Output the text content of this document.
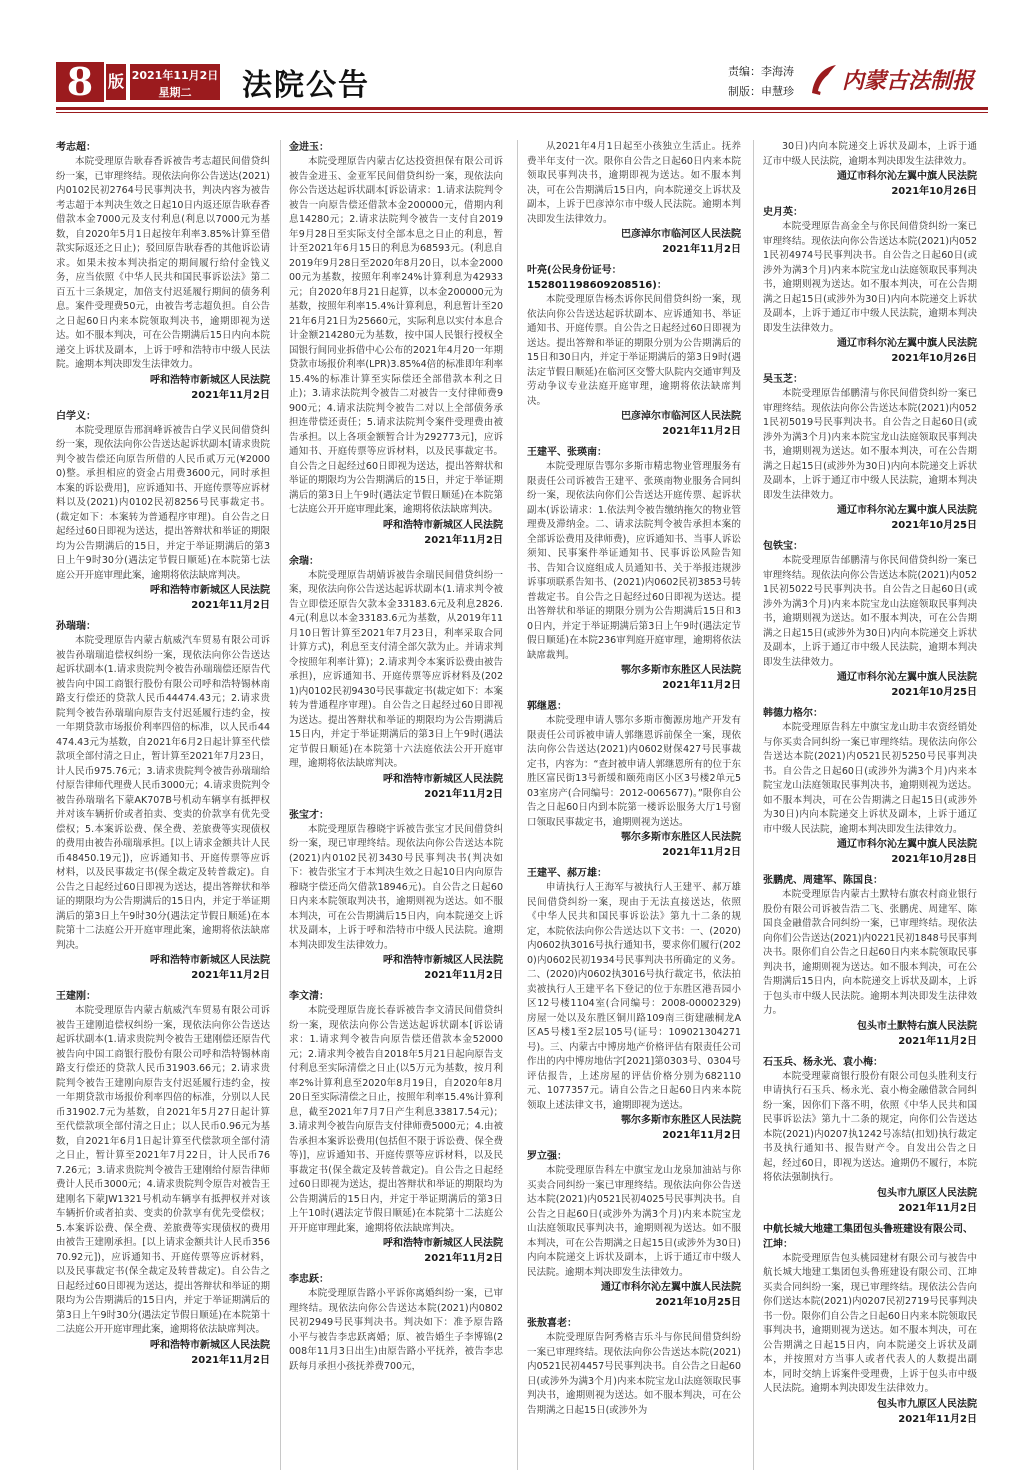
8 版 2021年11月2日
星期二	法院公告	责编：李海涛
制版：申慧珍 内蒙古法制报

考志超：

本院受理原告耿春香诉被告考志超民间借贷纠纷一案，已审理终结。现依法向你公告送达(2021)内0102民初2764号民事判决书，判决内容为被告考志超于本判决生效之日起10日内返还原告耿春香借款本金7000元及支付利息(利息以7000元为基数，自2020年5月1日起按年利率3.85%计算至借款实际返还之日止)；驳回原告耿春香的其他诉讼请求。如果未按本判决指定的期间履行给付金钱义务，应当依照《中华人民共和国民事诉讼法》第二百五十三条规定，加倍支付迟延履行期间的债务利息。案件受理费50元，由被告考志超负担。自公告之日起60日内来本院领取判决书，逾期即视为送达。如不服本判决，可在公告期满后15日内向本院递交上诉状及副本，上诉于呼和浩特市中级人民法院。逾期本判决即发生法律效力。

呼和浩特市新城区人民法院

2021年11月2日

白学义：

本院受理原告邢润峰诉被告白学义民间借贷纠纷一案，现依法向你公告送达起诉状副本[请求贵院判令被告偿还向原告所借的人民币贰万元(¥20000)整。承担相应的资金占用费3600元，同时承担本案的诉讼费用]，应诉通知书、开庭传票等应诉材料以及(2021)内0102民初8256号民事裁定书。(裁定如下：本案转为普通程序审理)。自公告之日起经过60日即视为送达，提出答辩状和举证的期限均为公告期满后的15日，并定于举证期满后的第3日上午9时30分(遇法定节假日顺延)在本院第七法庭公开开庭审理此案，逾期将依法缺席判决。

呼和浩特市新城区人民法院

2021年11月2日

孙瑞瑞：

本院受理原告内蒙古航威汽车贸易有限公司诉被告孙瑞瑞追偿权纠纷一案，现依法向你公告送达起诉状副本(1.请求贵院判令被告孙瑞瑞偿还原告代被告向中国工商银行股份有限公司呼和浩特锡林南路支行偿还的贷款人民币44474.43元；2.请求贵院判令被告孙瑞瑞向原告支付迟延履行违约金，按一年期贷款市场报价利率四倍的标准，以人民币44474.43元为基数，自2021年6月2日起计算至代偿款项全部付清之日止，暂计算至2021年7月23日，计人民币975.76元；3.请求贵院判令被告孙瑞瑞给付原告律师代理费人民币3000元；4.请求贵院判令被告孙瑞瑞名下蒙AK707B号机动车辆享有抵押权并对该车辆折价或者拍卖、变卖的价款享有优先受偿权；5.本案诉讼费、保全费、差旅费等实现债权的费用由被告孙瑞瑞承担。[以上请求金额共计人民币48450.19元])，应诉通知书、开庭传票等应诉材料，以及民事裁定书(保全裁定及转普裁定)。自公告之日起经过60日即视为送达，提出答辩状和举证的期限均为公告期满后的15日内，并定于举证期满后的第3日上午9时30分(遇法定节假日顺延)在本院第十二法庭公开开庭审理此案，逾期将依法缺席判决。

呼和浩特市新城区人民法院

2021年11月2日

王建刚：

本院受理原告内蒙古航威汽车贸易有限公司诉被告王建刚追偿权纠纷一案，现依法向你公告送达起诉状副本(1.请求贵院判令被告王建刚偿还原告代被告向中国工商银行股份有限公司呼和浩特锡林南路支行偿还的贷款人民币31903.66元；2.请求贵院判令被告王建刚向原告支付迟延履行违约金，按一年期贷款市场报价利率四倍的标准，分别以人民币31902.7元为基数，自2021年5月27日起计算至代偿款项全部付清之日止；以人民币0.96元为基数，自2021年6月1日起计算至代偿款项全部付清之日止，暂计算至2021年7月22日，计人民币767.26元；3.请求贵院判令被告王建刚给付原告律师费计人民币3000元；4.请求贵院判令原告对被告王建刚名下蒙JW1321号机动车辆享有抵押权并对该车辆折价或者拍卖、变卖的价款享有优先受偿权；5.本案诉讼费、保全费、差旅费等实现债权的费用由被告王建刚承担。[以上请求金额共计人民币35670.92元])，应诉通知书、开庭传票等应诉材料，以及民事裁定书(保全裁定及转普裁定)。自公告之日起经过60日即视为送达，提出答辩状和举证的期限均为公告期满后的15日内，并定于举证期满后的第3日上午9时30分(遇法定节假日顺延)在本院第十二法庭公开开庭审理此案，逾期将依法缺席判决。

呼和浩特市新城区人民法院

2021年11月2日

金进玉：

本院受理原告内蒙古亿达投资担保有限公司诉被告金进玉、金亚军民间借贷纠纷一案，现依法向你公告送达起诉状副本[诉讼请求：1.请求法院判令被告一向原告偿还借款本金200000元，借期内利息14280元；2.请求法院判令被告一支付自2019年9月28日至实际支付全部本息之日止的利息，暂计至2021年6月15日的利息为68593元。(利息自2019年9月28日至2020年8月20日，以本金200000元为基数，按照年利率24%计算利息为42933元；自2020年8月21日起算，以本金200000元为基数，按照年利率15.4%计算利息，利息暂计至2021年6月21日为25660元，实际利息以实付本息合计金额214280元为基数，按中国人民银行授权全国银行间同业拆借中心公布的2021年4月20一年期贷款市场报价利率(LPR)3.85%4倍的标准即年利率15.4%的标准计算至实际偿还全部借款本利之日止)；3.请求法院判令被告二对被告一支付律师费9900元；4.请求法院判令被告二对以上全部债务承担连带偿还责任；5.请求法院判令案件受理费由被告承担。以上各项金额暂合计为292773元]，应诉通知书、开庭传票等应诉材料，以及民事裁定书。自公告之日起经过60日即视为送达，提出答辩状和举证的期限均为公告期满后的15日，并定于举证期满后的第3日上午9时(遇法定节假日顺延)在本院第七法庭公开开庭审理此案，逾期将依法缺席判决。

呼和浩特市新城区人民法院

2021年11月2日

余瑞：

本院受理原告胡婧诉被告余瑞民间借贷纠纷一案，现依法向你公告送达起诉状副本(1.请求判令被告立即偿还原告欠款本金33183.6元及利息2826.4元(利息以本金33183.6元为基数，从2019年11月10日暂计算至2021年7月23日，利率采取合同计算方式)，利息至支付清全部欠款为止。并请求判令按照年利率计算)；2.请求判令本案诉讼费由被告承担)，应诉通知书、开庭传票等应诉材料及(2021)内0102民初9430号民事裁定书(裁定如下：本案转为普通程序审理)。自公告之日起经过60日即视为送达。提出答辩状和举证的期限均为公告期满后15日内，并定于举证期满后的第3日上午9时(遇法定节假日顺延)在本院第十六法庭依法公开开庭审理，逾期将依法缺席判决。

呼和浩特市新城区人民法院

2021年11月2日

张宝才：

本院受理原告穆晓宇诉被告张宝才民间借贷纠纷一案，现已审理终结。现依法向你公告送达本院(2021)内0102民初3430号民事判决书(判决如下：被告张宝才于本判决生效之日起10日内向原告穆晓宇偿还尚欠借款18946元)。自公告之日起60日内来本院领取判决书，逾期则视为送达。如不服本判决，可在公告期满后15日内，向本院递交上诉状及副本，上诉于呼和浩特市中级人民法院。逾期本判决即发生法律效力。

呼和浩特市新城区人民法院

2021年11月2日

李文清：

本院受理原告庞长春诉被告李文清民间借贷纠纷一案，现依法向你公告送达起诉状副本[诉讼请求：1.请求判令被告向原告偿还借款本金52000元；2.请求判令被告自2018年5月21日起向原告支付利息至实际清偿之日止(以5万元为基数，按月利率2%计算利息至2020年8月19日，自2020年8月20日至实际清偿之日止，按照年利率15.4%计算利息，截至2021年7月7日产生利息33817.54元)；3.请求判令被告向原告支付律师费5000元；4.由被告承担本案诉讼费用(包括但不限于诉讼费、保全费等)]，应诉通知书、开庭传票等应诉材料，以及民事裁定书(保全裁定及转普裁定)。自公告之日起经过60日即视为送达，提出答辩状和举证的期限均为公告期满后的15日内，并定于举证期满后的第3日上午10时(遇法定节假日顺延)在本院第十二法庭公开开庭审理此案，逾期将依法缺席判决。

呼和浩特市新城区人民法院

2021年11月2日

李忠跃：

本院受理原告路小平诉你离婚纠纷一案，已审理终结。现依法向你公告送达本院(2021)内0802民初2949号民事判决书。判决如下：准予原告路小平与被告李忠跃离婚；原、被告婚生子李博锦(2008年11月3日出生)由原告路小平抚养，被告李忠跃每月承担小孩抚养费700元，

从2021年4月1日起至小孩独立生活止。抚养费半年支付一次。限你自公告之日起60日内来本院领取民事判决书，逾期即视为送达。如不服本判决，可在公告期满后15日内，向本院递交上诉状及副本，上诉于巴彦淖尔市中级人民法院。逾期本判决即发生法律效力。

巴彦淖尔市临河区人民法院

2021年11月2日

叶亮(公民身份证号：152801198609208516)：

本院受理原告杨杰诉你民间借贷纠纷一案，现依法向你公告送达起诉状副本、应诉通知书、举证通知书、开庭传票。自公告之日起经过60日即视为送达。提出答辩和举证的期限分别为公告期满后的15日和30日内，并定于举证期满后的第3日9时(遇法定节假日顺延)在临河区交警大队院内交通审判及劳动争议专业法庭开庭审理，逾期将依法缺席判决。

巴彦淖尔市临河区人民法院

2021年11月2日

王建平、张瑛南：

本院受理原告鄂尔多斯市精忠物业管理服务有限责任公司诉被告王建平、张瑛南物业服务合同纠纷一案，现依法向你们公告送达开庭传票、起诉状副本(诉讼请求：1.依法判令被告缴纳拖欠的物业管理费及滞纳金。二、请求法院判令被告承担本案的全部诉讼费用及律师费)，应诉通知书、当事人诉讼须知、民事案件举证通知书、民事诉讼风险告知书、告知合议庭组成人员通知书、关于举报违规涉诉事项联系告知书、(2021)内0602民初3853号转普裁定书。自公告之日起经过60日即视为送达。提出答辩状和举证的期限分别为公告期满后15日和30日内，并定于举证期满后第3日上午9时(遇法定节假日顺延)在本院236审判庭开庭审理，逾期将依法缺席裁判。

鄂尔多斯市东胜区人民法院

2021年11月2日

郭继恩：

本院受理申请人鄂尔多斯市衡源房地产开发有限责任公司诉被申请人郭继恩诉前保全一案，现依法向你公告送达(2021)内0602财保427号民事裁定书，内容为：“查封被申请人郭继恩所有的位于东胜区富民街13号新缓和颐苑南区小区3号楼2单元503室房产(合同编号：2012-0065677)。”限你自公告之日起60日内到本院第一楼诉讼服务大厅1号窗口领取民事裁定书，逾期则视为送达。

鄂尔多斯市东胜区人民法院

2021年11月2日

王建平、郝万雄：

申请执行人王海军与被执行人王建平、郝万雄民间借贷纠纷一案，现由于无法直接送达，依照《中华人民共和国民事诉讼法》第九十二条的规定，本院依法向你公告送达以下文书：一、(2020)内0602执3016号执行通知书，要求你们履行(2020)内0602民初1934号民事判决书所确定的义务。二、(2020)内0602执3016号执行裁定书，依法拍卖被执行人王建平名下登记的位于东胜区港吾园小区12号楼1104室(合同编号：2008-00002329)房屋一处以及东胜区铜川路109南三街建融桐龙A区A5号楼1至2层105号(证号：109021304271号)。三、内蒙古中博房地产价格评估有限责任公司作出的内中博房地估字[2021]第0303号、0304号评估报告，上述房屋的评估价格分别为682110元、1077357元。请自公告之日起60日内来本院领取上述法律文书，逾期即视为送达。

鄂尔多斯市东胜区人民法院

2021年11月2日

罗立强：

本院受理原告科左中旗宝龙山龙泉加油站与你买卖合同纠纷一案已审理终结。现依法向你公告送达本院(2021)内0521民初4025号民事判决书。自公告之日起60日(或涉外为满3个月)内来本院宝龙山法庭领取民事判决书，逾期则视为送达。如不服本判决，可在公告期满之日起15日(或涉外为30日)内向本院递交上诉状及副本，上诉于通辽市中级人民法院。逾期本判决即发生法律效力。

通辽市科尔沁左翼中旗人民法院

2021年10月25日

张敖喜老：

本院受理原告阿秀格吉乐斗与你民间借贷纠纷一案已审理终结。现依法向你公告送达本院(2021)内0521民初4457号民事判决书。自公告之日起60日(或涉外为满3个月)内来本院宝龙山法庭领取民事判决书，逾期则视为送达。如不服本判决，可在公告期满之日起15日(或涉外为

30日)内向本院递交上诉状及副本，上诉于通辽市中级人民法院，逾期本判决即发生法律效力。

通辽市科尔沁左翼中旗人民法院

2021年10月26日

史月英：

本院受理原告高金全与你民间借贷纠纷一案已审理终结。现依法向你公告送达本院(2021)内0521民初4974号民事判决书。自公告之日起60日(或涉外为满3个月)内来本院宝龙山法庭领取民事判决书，逾期则视为送达。如不服本判决，可在公告期满之日起15日(或涉外为30日)内向本院递交上诉状及副本，上诉于通辽市中级人民法院，逾期本判决即发生法律效力。

通辽市科尔沁左翼中旗人民法院

2021年10月26日

吴玉芝：

本院受理原告邰鹏清与你民间借贷纠纷一案已审理终结。现依法向你公告送达本院(2021)内0521民初5019号民事判决书。自公告之日起60日(或涉外为满3个月)内来本院宝龙山法庭领取民事判决书，逾期则视为送达。如不服本判决，可在公告期满之日起15日(或涉外为30日)内向本院递交上诉状及副本，上诉于通辽市中级人民法院，逾期本判决即发生法律效力。

通辽市科尔沁左翼中旗人民法院

2021年10月25日

包铁宝：

本院受理原告邰鹏清与你民间借贷纠纷一案已审理终结。现依法向你公告送达本院(2021)内0521民初5022号民事判决书。自公告之日起60日(或涉外为满3个月)内来本院宝龙山法庭领取民事判决书，逾期则视为送达。如不服本判决，可在公告期满之日起15日(或涉外为30日)内向本院递交上诉状及副本，上诉于通辽市中级人民法院，逾期本判决即发生法律效力。

通辽市科尔沁左翼中旗人民法院

2021年10月25日

韩德力格尔：

本院受理原告科左中旗宝龙山助丰农资经销处与你买卖合同纠纷一案已审理终结。现依法向你公告送达本院(2021)内0521民初5250号民事判决书。自公告之日起60日(或涉外为满3个月)内来本院宝龙山法庭领取民事判决书，逾期则视为送达。如不服本判决，可在公告期满之日起15日(或涉外为30日)内向本院递交上诉状及副本，上诉于通辽市中级人民法院，逾期本判决即发生法律效力。

通辽市科尔沁左翼中旗人民法院

2021年10月28日

张鹏虎、周建军、陈国良：

本院受理原告内蒙古土默特右旗农村商业银行股份有限公司诉被告浩二飞、张鹏虎、周建军、陈国良金融借款合同纠纷一案，已审理终结。现依法向你们公告送达(2021)内0221民初1848号民事判决书。限你们自公告之日起60日内来本院领取民事判决书，逾期则视为送达。如不服本判决，可在公告期满后15日内，向本院递交上诉状及副本，上诉于包头市中级人民法院。逾期本判决即发生法律效力。

包头市土默特右旗人民法院

2021年11月2日

石玉兵、杨永光、袁小梅：

本院受理蒙商银行股份有限公司包头胜利支行申请执行石玉兵、杨永光、袁小梅金融借款合同纠纷一案，因你们下落不明，依照《中华人民共和国民事诉讼法》第九十二条的规定，向你们公告送达本院(2021)内0207执1242号冻结(扣划)执行裁定书及执行通知书、报告财产令。自发出公告之日起，经过60日，即视为送达。逾期仍不履行，本院将依法强制执行。

包头市九原区人民法院

2021年11月2日

中航长城大地建工集团包头鲁班建设有限公司、江坤：

本院受理原告包头桃园建材有限公司与被告中航长城大地建工集团包头鲁班建设有限公司、江坤买卖合同纠纷一案，现已审理终结。现依法公告向你们送达本院(2021)内0207民初2719号民事判决书一份。限你们自公告之日起60日内来本院领取民事判决书，逾期则视为送达。如不服本判决，可在公告期满之日起15日内，向本院递交上诉状及副本，并按照对方当事人或者代表人的人数提出副本，同时交纳上诉案件受理费，上诉于包头市中级人民法院。逾期本判决即发生法律效力。

包头市九原区人民法院

2021年11月2日
